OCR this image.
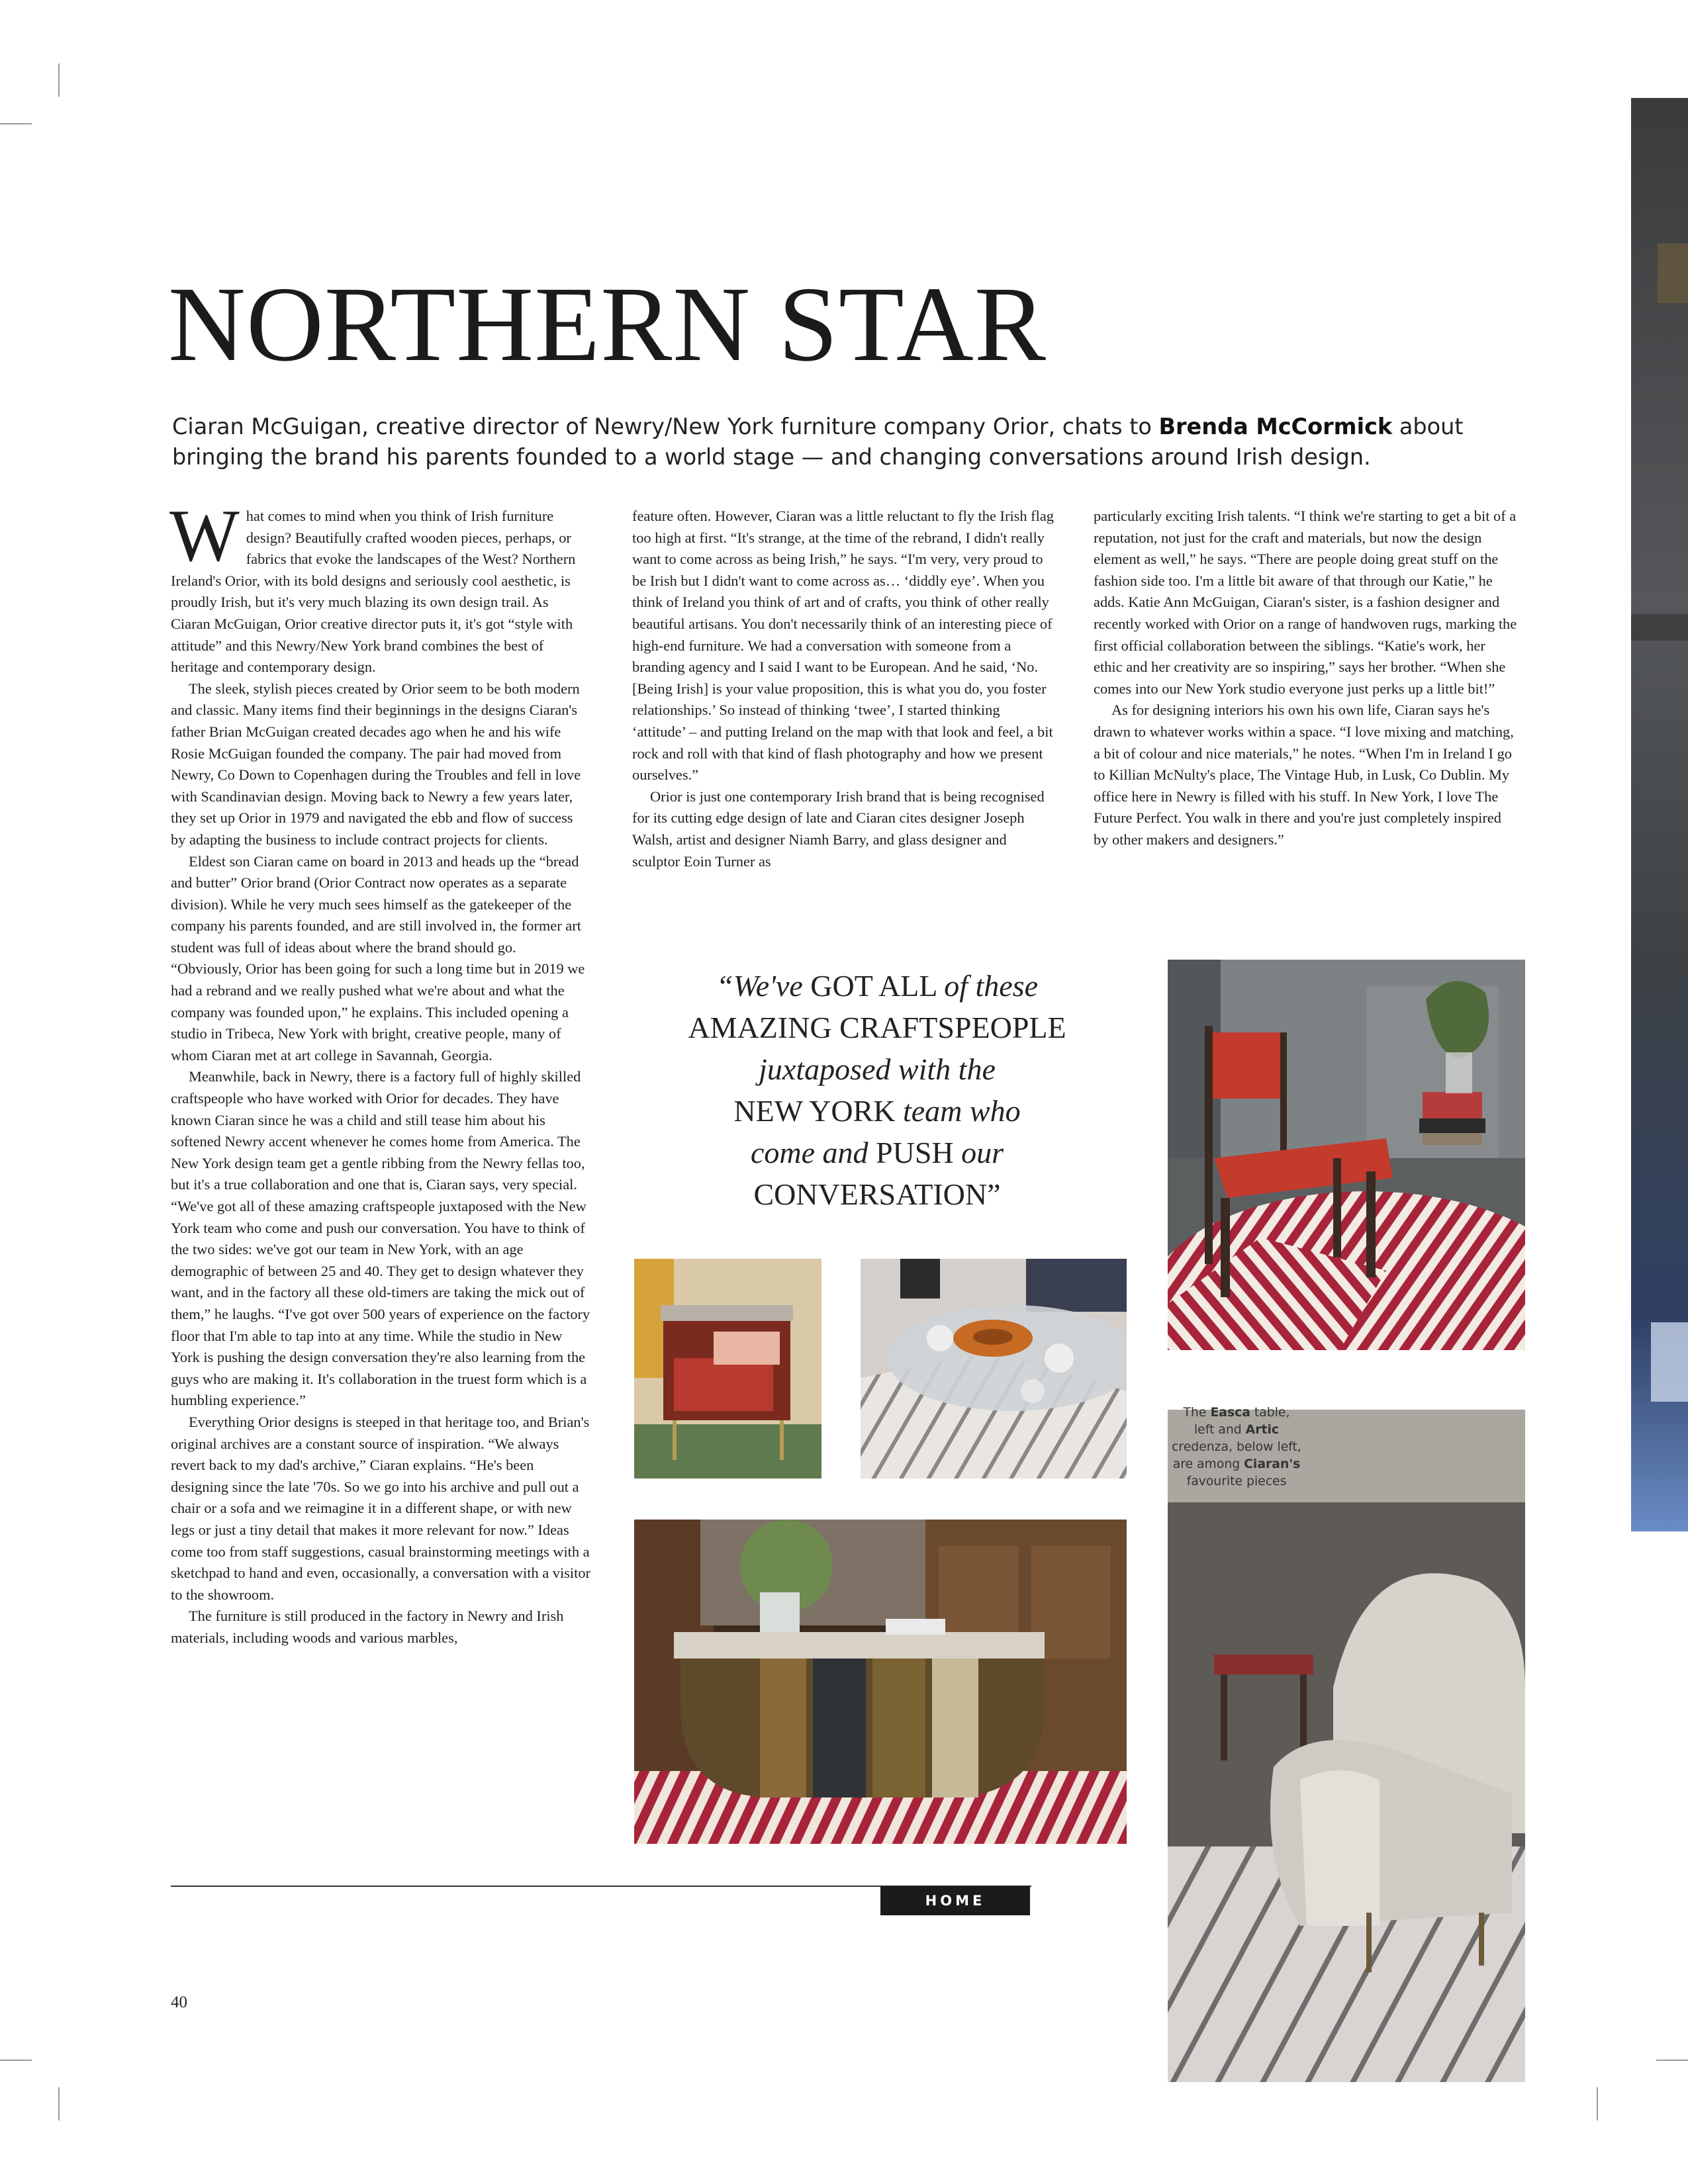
NORTHERN STAR
Ciaran McGuigan, creative director of Newry/New York furniture company Orior, chats to Brenda McCormick about bringing the brand his parents founded to a world stage — and changing conversations around Irish design.

What comes to mind when you think of Irish furniture design? Beautifully crafted wooden pieces, perhaps, or fabrics that evoke the landscapes of the West? Northern Ireland's Orior, with its bold designs and seriously cool aesthetic, is proudly Irish, but it's very much blazing its own design trail. As Ciaran McGuigan, Orior creative director puts it, it's got “style with attitude” and this Newry/New York brand combines the best of heritage and contemporary design.

The sleek, stylish pieces created by Orior seem to be both modern and classic. Many items find their beginnings in the designs Ciaran's father Brian McGuigan created decades ago when he and his wife Rosie McGuigan founded the company. The pair had moved from Newry, Co Down to Copenhagen during the Troubles and fell in love with Scandinavian design. Moving back to Newry a few years later, they set up Orior in 1979 and navigated the ebb and flow of success by adapting the business to include contract projects for clients.

Eldest son Ciaran came on board in 2013 and heads up the “bread and butter” Orior brand (Orior Contract now operates as a separate division). While he very much sees himself as the gatekeeper of the company his parents founded, and are still involved in, the former art student was full of ideas about where the brand should go. “Obviously, Orior has been going for such a long time but in 2019 we had a rebrand and we really pushed what we're about and what the company was founded upon,” he explains. This included opening a studio in Tribeca, New York with bright, creative people, many of whom Ciaran met at art college in Savannah, Georgia.

Meanwhile, back in Newry, there is a factory full of highly skilled craftspeople who have worked with Orior for decades. They have known Ciaran since he was a child and still tease him about his softened Newry accent whenever he comes home from America. The New York design team get a gentle ribbing from the Newry fellas too, but it's a true collaboration and one that is, Ciaran says, very special. “We've got all of these amazing craftspeople juxtaposed with the New York team who come and push our conversation. You have to think of the two sides: we've got our team in New York, with an age demographic of between 25 and 40. They get to design whatever they want, and in the factory all these old-timers are taking the mick out of them,” he laughs. “I've got over 500 years of experience on the factory floor that I'm able to tap into at any time. While the studio in New York is pushing the design conversation they're also learning from the guys who are making it. It's collaboration in the truest form which is a humbling experience.”

Everything Orior designs is steeped in that heritage too, and Brian's original archives are a constant source of inspiration. “We always revert back to my dad's archive,” Ciaran explains. “He's been designing since the late '70s. So we go into his archive and pull out a chair or a sofa and we reimagine it in a different shape, or with new legs or just a tiny detail that makes it more relevant for now.” Ideas come too from staff suggestions, casual brainstorming meetings with a sketchpad to hand and even, occasionally, a conversation with a visitor to the showroom.

The furniture is still produced in the factory in Newry and Irish materials, including woods and various marbles,

feature often. However, Ciaran was a little reluctant to fly the Irish flag too high at first. “It's strange, at the time of the rebrand, I didn't really want to come across as being Irish,” he says. “I'm very, very proud to be Irish but I didn't want to come across as… ‘diddly eye’. When you think of Ireland you think of art and of crafts, you think of other really beautiful artisans. You don't necessarily think of an interesting piece of high-end furniture. We had a conversation with someone from a branding agency and I said I want to be European. And he said, ‘No. [Being Irish] is your value proposition, this is what you do, you foster relationships.’ So instead of thinking ‘twee’, I started thinking ‘attitude’ – and putting Ireland on the map with that look and feel, a bit rock and roll with that kind of flash photography and how we present ourselves.”

Orior is just one contemporary Irish brand that is being recognised for its cutting edge design of late and Ciaran cites designer Joseph Walsh, artist and designer Niamh Barry, and glass designer and sculptor Eoin Turner as

particularly exciting Irish talents. “I think we're starting to get a bit of a reputation, not just for the craft and materials, but now the design element as well,” he says. “There are people doing great stuff on the fashion side too. I'm a little bit aware of that through our Katie,” he adds. Katie Ann McGuigan, Ciaran's sister, is a fashion designer and recently worked with Orior on a range of handwoven rugs, marking the first official collaboration between the siblings. “Katie's work, her ethic and her creativity are so inspiring,” says her brother. “When she comes into our New York studio everyone just perks up a little bit!”

As for designing interiors his own his own life, Ciaran says he's drawn to whatever works within a space. “I love mixing and matching, a bit of colour and nice materials,” he notes. “When I'm in Ireland I go to Killian McNulty's place, The Vintage Hub, in Lusk, Co Dublin. My office here in Newry is filled with his stuff. In New York, I love The Future Perfect. You walk in there and you're just completely inspired by other makers and designers.”

“We've GOT ALL of these
AMAZING CRAFTSPEOPLE
juxtaposed with the
NEW YORK team who
come and PUSH our
CONVERSATION”
The Easca table,
left and Artic
credenza, below left,
are among Ciaran's
favourite pieces
HOME
40
